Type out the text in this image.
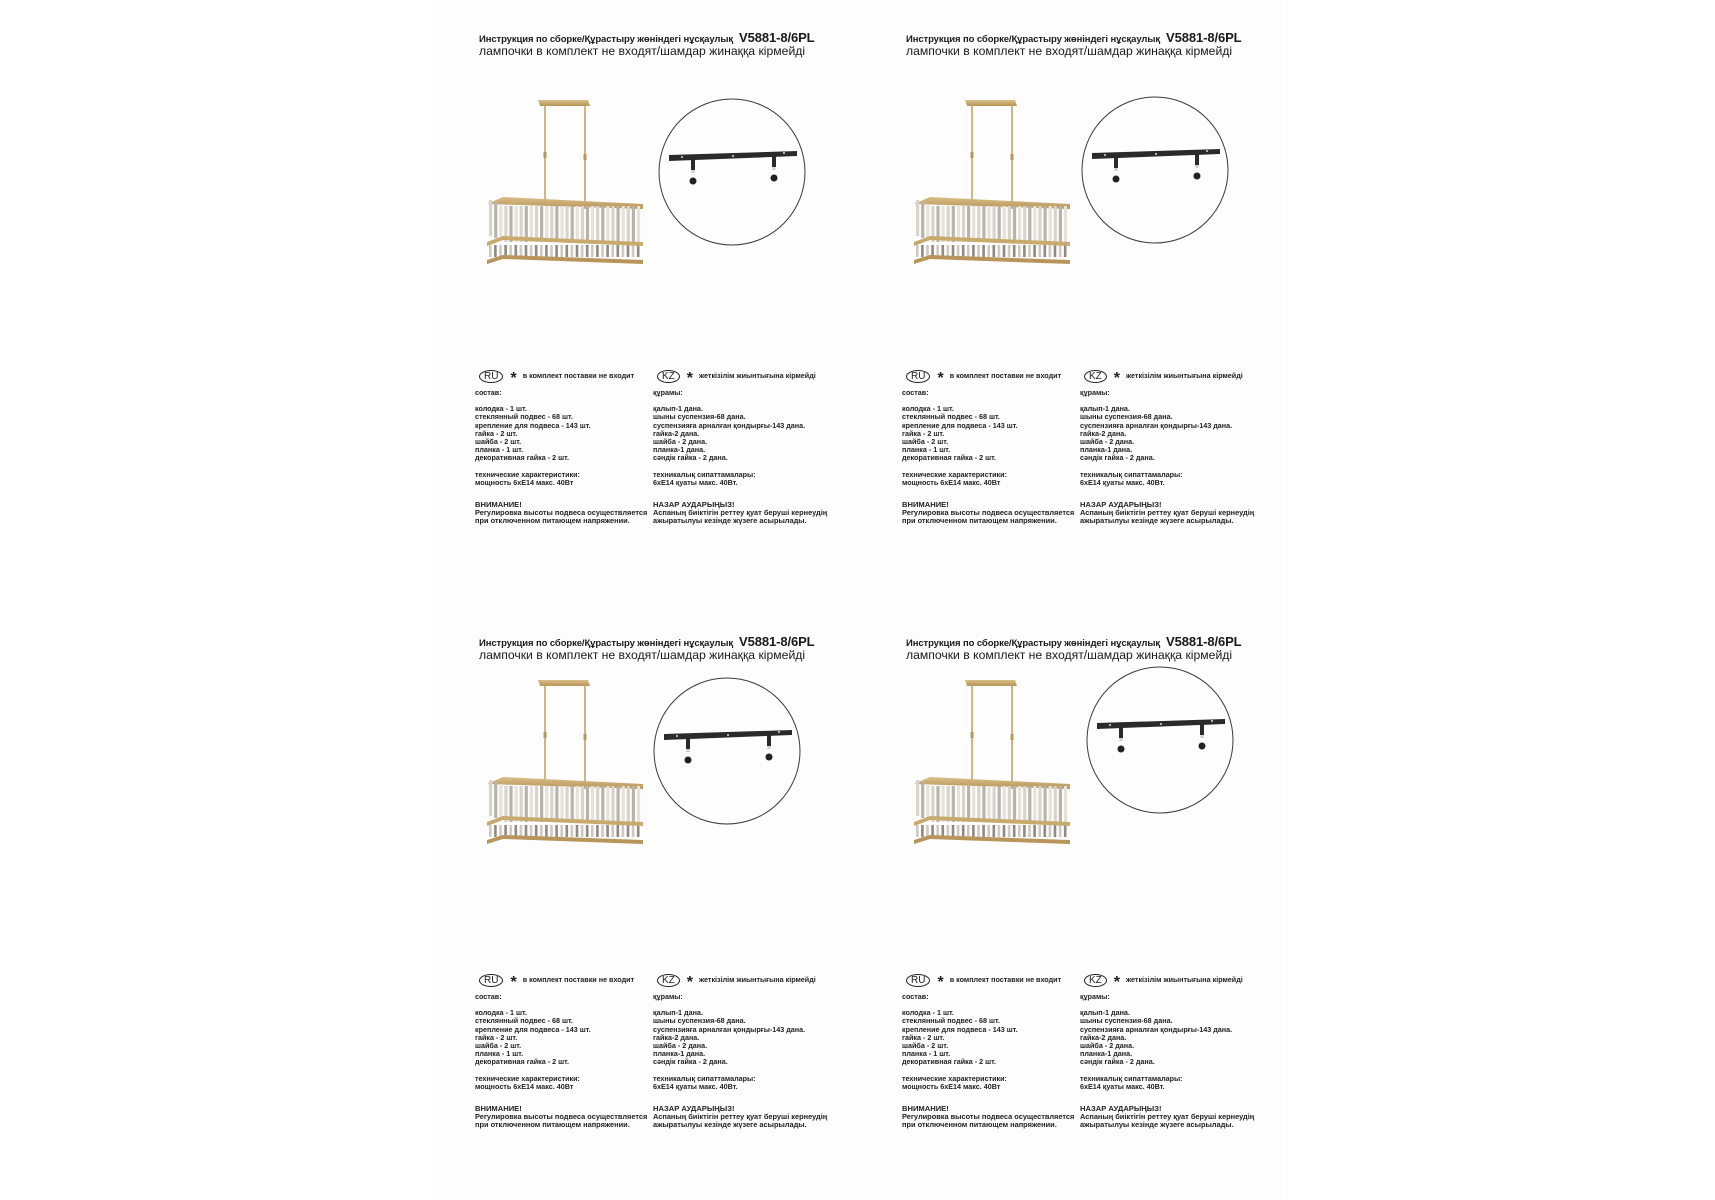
Инструкция по сборке/Құрастыру жөніндегі нұсқаулық V5881-8/6PL
лампочки в комплект не входят/шамдар жинаққа кірмейді
RU * в комплект поставки не входит
состав:
колодка - 1 шт.
стеклянный подвес - 68 шт.
крепление для подвеса - 143 шт.
гайка - 2 шт.
шайба - 2 шт.
планка - 1 шт.
декоративная гайка - 2 шт.
технические характеристики:
мощность 6xE14 макс. 40Вт
ВНИМАНИЕ!
Регулировка высоты подвеса осуществляется
при отключенном питающем напряжении.
KZ * жеткізілім жиынтығына кірмейді
құрамы:
қалып-1 дана.
шыны суспензия-68 дана.
суспензияға арналған қондырғы-143 дана.
гайка-2 дана.
шайба - 2 дана.
планка-1 дана.
сәндік гайка - 2 дана.
техникалық сипаттамалары:
6xE14 қуаты макс. 40Вт.
НАЗАР АУДАРЫҢЫЗ!
Аспаның биіктігін реттеу қуат беруші кернеудің
ажыратылуы кезінде жүзеге асырылады.
Инструкция по сборке/Құрастыру жөніндегі нұсқаулық V5881-8/6PL
лампочки в комплект не входят/шамдар жинаққа кірмейді
RU * в комплект поставки не входит
состав:
колодка - 1 шт.
стеклянный подвес - 68 шт.
крепление для подвеса - 143 шт.
гайка - 2 шт.
шайба - 2 шт.
планка - 1 шт.
декоративная гайка - 2 шт.
технические характеристики:
мощность 6xE14 макс. 40Вт
ВНИМАНИЕ!
Регулировка высоты подвеса осуществляется
при отключенном питающем напряжении.
KZ * жеткізілім жиынтығына кірмейді
құрамы:
қалып-1 дана.
шыны суспензия-68 дана.
суспензияға арналған қондырғы-143 дана.
гайка-2 дана.
шайба - 2 дана.
планка-1 дана.
сәндік гайка - 2 дана.
техникалық сипаттамалары:
6xE14 қуаты макс. 40Вт.
НАЗАР АУДАРЫҢЫЗ!
Аспаның биіктігін реттеу қуат беруші кернеудің
ажыратылуы кезінде жүзеге асырылады.
Инструкция по сборке/Құрастыру жөніндегі нұсқаулық V5881-8/6PL
лампочки в комплект не входят/шамдар жинаққа кірмейді
RU * в комплект поставки не входит
состав:
колодка - 1 шт.
стеклянный подвес - 68 шт.
крепление для подвеса - 143 шт.
гайка - 2 шт.
шайба - 2 шт.
планка - 1 шт.
декоративная гайка - 2 шт.
технические характеристики:
мощность 6xE14 макс. 40Вт
ВНИМАНИЕ!
Регулировка высоты подвеса осуществляется
при отключенном питающем напряжении.
KZ * жеткізілім жиынтығына кірмейді
құрамы:
қалып-1 дана.
шыны суспензия-68 дана.
суспензияға арналған қондырғы-143 дана.
гайка-2 дана.
шайба - 2 дана.
планка-1 дана.
сәндік гайка - 2 дана.
техникалық сипаттамалары:
6xE14 қуаты макс. 40Вт.
НАЗАР АУДАРЫҢЫЗ!
Аспаның биіктігін реттеу қуат беруші кернеудің
ажыратылуы кезінде жүзеге асырылады.
Инструкция по сборке/Құрастыру жөніндегі нұсқаулық V5881-8/6PL
лампочки в комплект не входят/шамдар жинаққа кірмейді
RU * в комплект поставки не входит
состав:
колодка - 1 шт.
стеклянный подвес - 68 шт.
крепление для подвеса - 143 шт.
гайка - 2 шт.
шайба - 2 шт.
планка - 1 шт.
декоративная гайка - 2 шт.
технические характеристики:
мощность 6xE14 макс. 40Вт
ВНИМАНИЕ!
Регулировка высоты подвеса осуществляется
при отключенном питающем напряжении.
KZ * жеткізілім жиынтығына кірмейді
құрамы:
қалып-1 дана.
шыны суспензия-68 дана.
суспензияға арналған қондырғы-143 дана.
гайка-2 дана.
шайба - 2 дана.
планка-1 дана.
сәндік гайка - 2 дана.
техникалық сипаттамалары:
6xE14 қуаты макс. 40Вт.
НАЗАР АУДАРЫҢЫЗ!
Аспаның биіктігін реттеу қуат беруші кернеудің
ажыратылуы кезінде жүзеге асырылады.
